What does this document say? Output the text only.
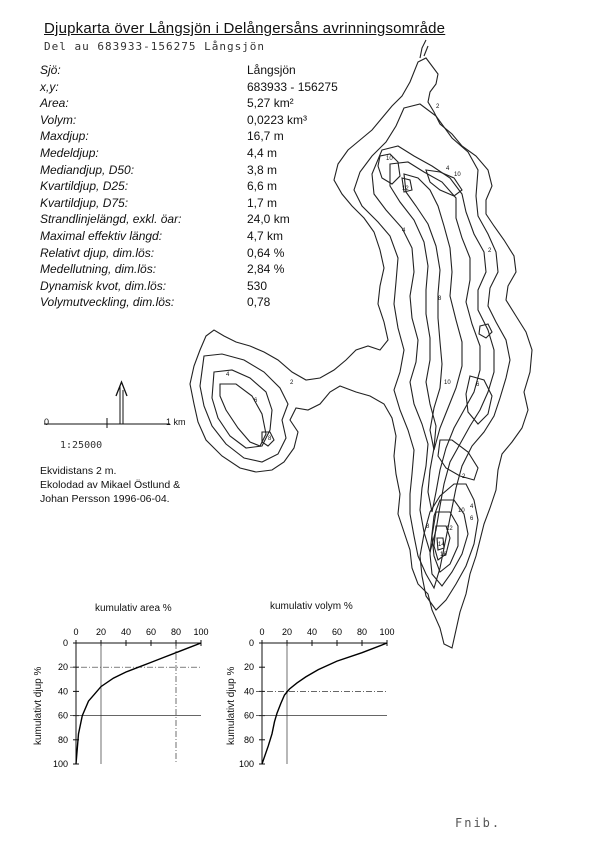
Djupkarta över Långsjön i Delångersåns avrinningsområde
Del au 683933-156275 Långsjön
Sjö:	Långsjön
x,y:	683933 - 156275
Area:	5,27 km²
Volym:	0,0223 km³
Maxdjup:	16,7 m
Medeldjup:	4,4 m
Mediandjup, D50:	3,8 m
Kvartildjup, D25:	6,6 m
Kvartildjup, D75:	1,7 m
Strandlinjelängd, exkl. öar:	24,0 km
Maximal effektiv längd:	4,7 km
Relativt djup, dim.lös:	0,64 %
Medellutning, dim.lös:	2,84 %
Dynamisk kvot, dim.lös:	530
Volymutveckling, dim.lös:	0,78
2
2
2
2
4
4
4
4
6
6
6
8
8
8
10
10
10
10
12
12
14
16
0	1 km
1:25000
Ekvidistans 2 m.
Ekolodad av Mikael Östlund &
Johan Persson 1996-06-04.
kumulativ area %	kumulativ volym %
kumulativt djup %	kumulativt djup %
0 20 40 60 80 100
0
20
40
60
80
100
0 20 40 60 80 100
0
20
40
60
80
100
Fnib.
